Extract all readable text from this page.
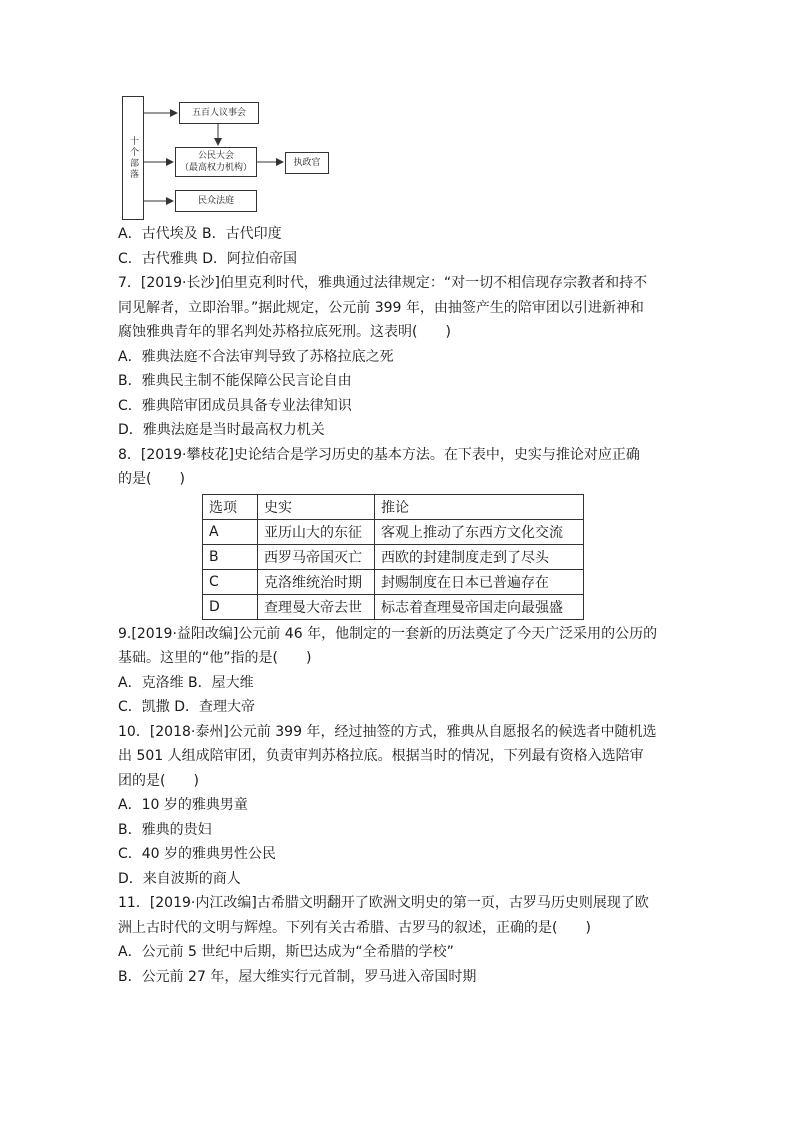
十个部落
五百人议事会
公民大会
（最高权力机构）	执政官
民众法庭
A．古代埃及 B．古代印度
C．古代雅典 D．阿拉伯帝国
7．[2019·长沙]伯里克利时代，雅典通过法律规定：“对一切不相信现存宗教者和持不
同见解者，立即治罪。”据此规定，公元前 399 年，由抽签产生的陪审团以引进新神和
腐蚀雅典青年的罪名判处苏格拉底死刑。这表明(　　)
A．雅典法庭不合法审判导致了苏格拉底之死
B．雅典民主制不能保障公民言论自由
C．雅典陪审团成员具备专业法律知识
D．雅典法庭是当时最高权力机关
8．[2019·攀枝花]史论结合是学习历史的基本方法。在下表中，史实与推论对应正确
的是(　　)
选项	史实	推论
A	亚历山大的东征	客观上推动了东西方文化交流
B	西罗马帝国灭亡	西欧的封建制度走到了尽头
C	克洛维统治时期	封赐制度在日本已普遍存在
D	查理曼大帝去世	标志着查理曼帝国走向最强盛
9.[2019·益阳改编]公元前 46 年，他制定的一套新的历法奠定了今天广泛采用的公历的
基础。这里的“他”指的是(　　)
A．克洛维 B．屋大维
C．凯撒 D．查理大帝
10．[2018·泰州]公元前 399 年，经过抽签的方式，雅典从自愿报名的候选者中随机选
出 501 人组成陪审团，负责审判苏格拉底。根据当时的情况，下列最有资格入选陪审
团的是(　　)
A．10 岁的雅典男童
B．雅典的贵妇
C．40 岁的雅典男性公民
D．来自波斯的商人
11．[2019·内江改编]古希腊文明翻开了欧洲文明史的第一页，古罗马历史则展现了欧
洲上古时代的文明与辉煌。下列有关古希腊、古罗马的叙述，正确的是(　　)
A．公元前 5 世纪中后期，斯巴达成为“全希腊的学校”
B．公元前 27 年，屋大维实行元首制，罗马进入帝国时期
